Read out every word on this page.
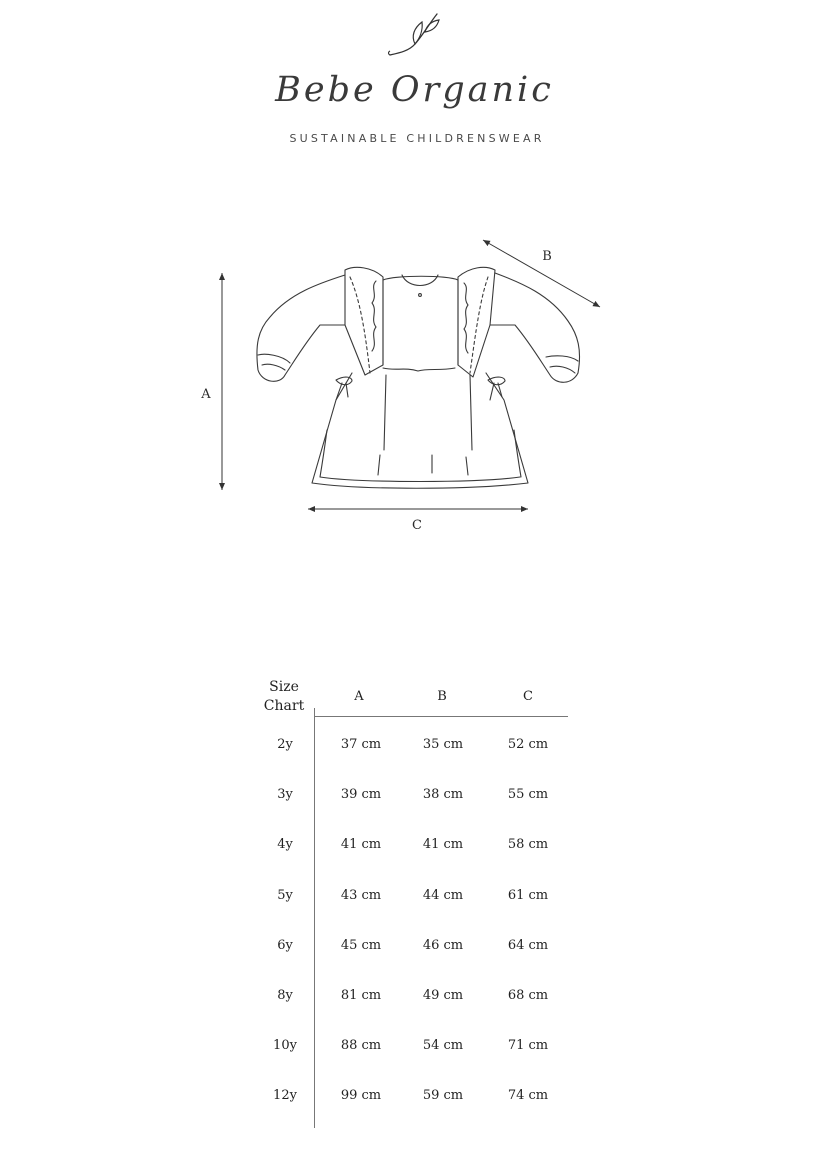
Bebe Organic
SUSTAINABLE CHILDRENSWEAR
A
B
C
Size
Chart
A	B	C
2y	37 cm	35 cm	52 cm
3y	39 cm	38 cm	55 cm
4y	41 cm	41 cm	58 cm
5y	43 cm	44 cm	61 cm
6y	45 cm	46 cm	64 cm
8y	81 cm	49 cm	68 cm
10y	88 cm	54 cm	71 cm
12y	99 cm	59 cm	74 cm
